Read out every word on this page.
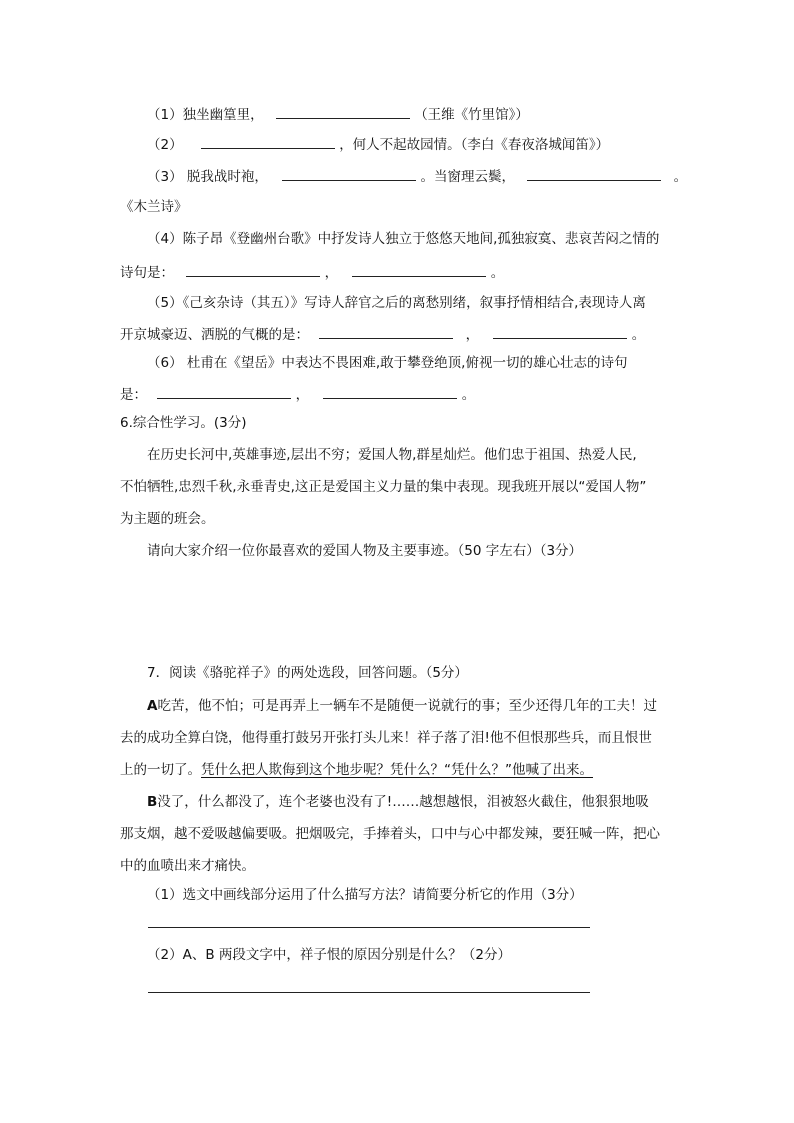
（1）独坐幽篁里，	（王维《竹里馆》）
（2）	，何人不起故园情。（李白《春夜洛城闻笛》）
（3） 脱我战时袍，	。当窗理云鬓，	。
《木兰诗》
（4）陈子昂《登幽州台歌》中抒发诗人独立于悠悠天地间,孤独寂寞、悲哀苦闷之情的
诗句是：	，	。
（5）《己亥杂诗（其五）》写诗人辞官之后的离愁别绪，叙事抒情相结合,表现诗人离
开京城豪迈、洒脱的气概的是：	，	。
（6） 杜甫在《望岳》中表达不畏困难,敢于攀登绝顶,俯视一切的雄心壮志的诗句
是：	，	。
6.综合性学习。(3分)
在历史长河中,英雄事迹,层出不穷；爱国人物,群星灿烂。他们忠于祖国、热爱人民,
不怕牺牲,忠烈千秋,永垂青史,这正是爱国主义力量的集中表现。现我班开展以“爱国人物”
为主题的班会。
请向大家介绍一位你最喜欢的爱国人物及主要事迹。（50 字左右）（3分）
7．阅读《骆驼祥子》的两处选段，回答问题。（5分）
A吃苦，他不怕；可是再弄上一辆车不是随便一说就行的事；至少还得几年的工夫！过
去的成功全算白饶，他得重打鼓另开张打头儿来！祥子落了泪!他不但恨那些兵，而且恨世
上的一切了。凭什么把人欺侮到这个地步呢？凭什么？“凭什么？”他喊了出来。
B没了，什么都没了，连个老婆也没有了!……越想越恨，泪被怒火截住，他狠狠地吸
那支烟，越不爱吸越偏要吸。把烟吸完，手捧着头，口中与心中都发辣，要狂喊一阵，把心
中的血喷出来才痛快。
（1）选文中画线部分运用了什么描写方法？请简要分析它的作用（3分）
（2）A、B 两段文字中，祥子恨的原因分别是什么？（2分）
